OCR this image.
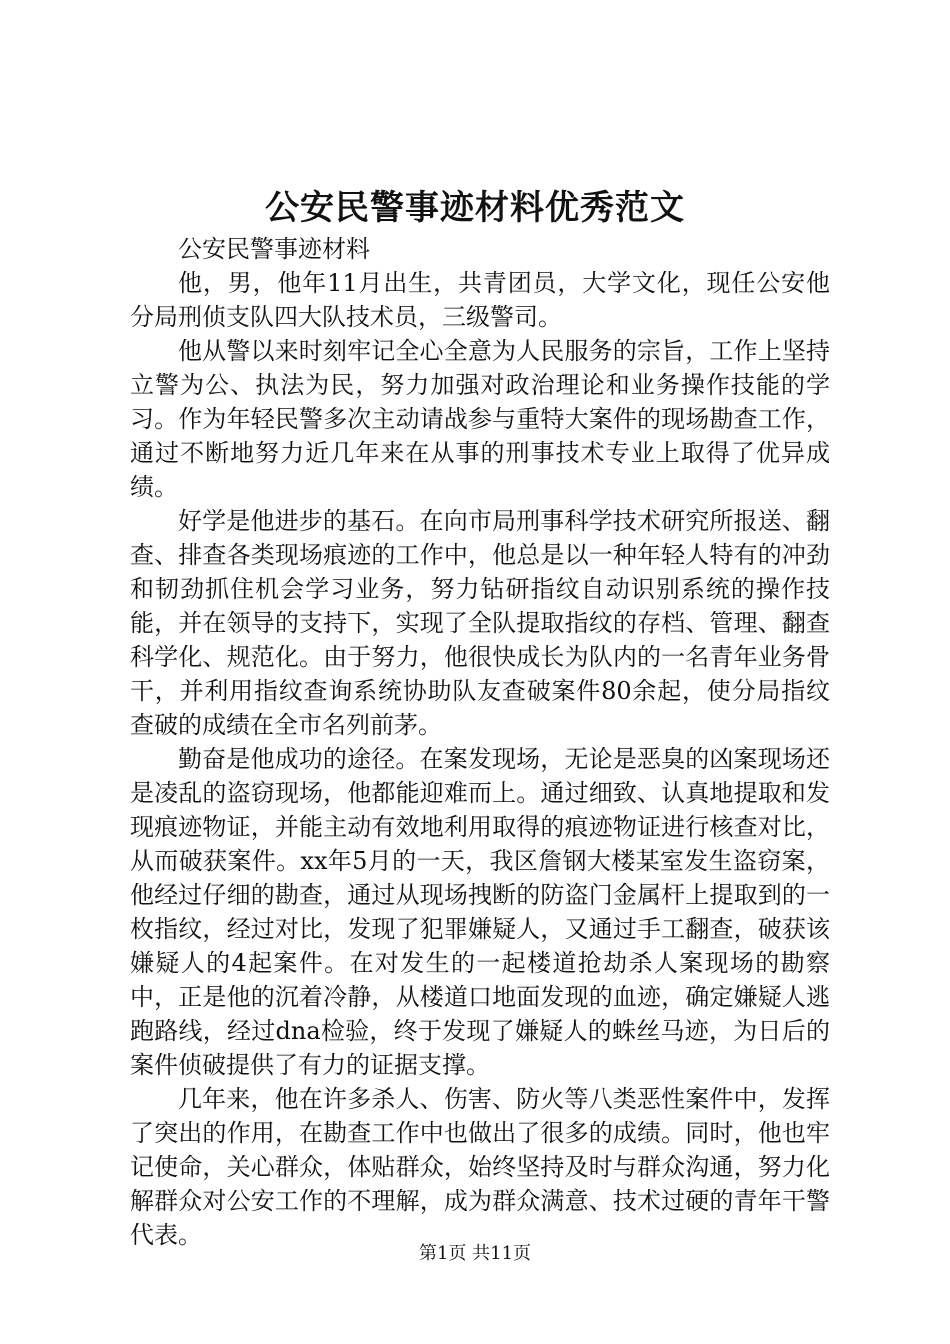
公安民警事迹材料优秀范文

公安民警事迹材料

他，男，他年11月出生，共青团员，大学文化，现任公安他分局刑侦支队四大队技术员，三级警司。

他从警以来时刻牢记全心全意为人民服务的宗旨，工作上坚持立警为公、执法为民，努力加强对政治理论和业务操作技能的学习。作为年轻民警多次主动请战参与重特大案件的现场勘查工作，通过不断地努力近几年来在从事的刑事技术专业上取得了优异成绩。

好学是他进步的基石。在向市局刑事科学技术研究所报送、翻查、排查各类现场痕迹的工作中，他总是以一种年轻人特有的冲劲和韧劲抓住机会学习业务，努力钻研指纹自动识别系统的操作技能，并在领导的支持下，实现了全队提取指纹的存档、管理、翻查科学化、规范化。由于努力，他很快成长为队内的一名青年业务骨干，并利用指纹查询系统协助队友查破案件80余起，使分局指纹查破的成绩在全市名列前茅。

勤奋是他成功的途径。在案发现场，无论是恶臭的凶案现场还是凌乱的盗窃现场，他都能迎难而上。通过细致、认真地提取和发现痕迹物证，并能主动有效地利用取得的痕迹物证进行核查对比，从而破获案件。xx年5月的一天，我区詹钢大楼某室发生盗窃案，他经过仔细的勘查，通过从现场拽断的防盗门金属杆上提取到的一枚指纹，经过对比，发现了犯罪嫌疑人，又通过手工翻查，破获该嫌疑人的4起案件。在对发生的一起楼道抢劫杀人案现场的勘察中，正是他的沉着冷静，从楼道口地面发现的血迹，确定嫌疑人逃跑路线，经过dna检验，终于发现了嫌疑人的蛛丝马迹，为日后的案件侦破提供了有力的证据支撑。

几年来，他在许多杀人、伤害、防火等八类恶性案件中，发挥了突出的作用，在勘查工作中也做出了很多的成绩。同时，他也牢记使命，关心群众，体贴群众，始终坚持及时与群众沟通，努力化解群众对公安工作的不理解，成为群众满意、技术过硬的青年干警代表。

第1页 共11页
